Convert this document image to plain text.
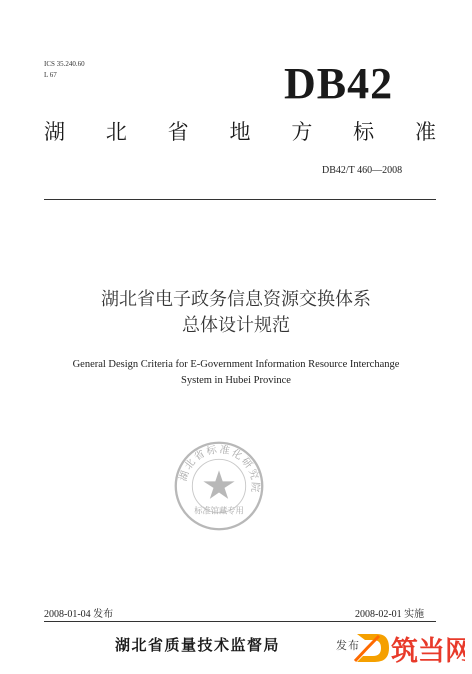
ICS 35.240.60
L 67	DB42
湖 北 省 地 方 标 准
DB42/T 460—2008
湖北省电子政务信息资源交换体系
总体设计规范
General Design Criteria for E-Government Information Resource Interchange
System in Hubei Province
湖北省标准化研究院
标准馆藏专用
2008-01-04 发布	2008-02-01 实施
湖北省质量技术监督局	发布 筑当网
